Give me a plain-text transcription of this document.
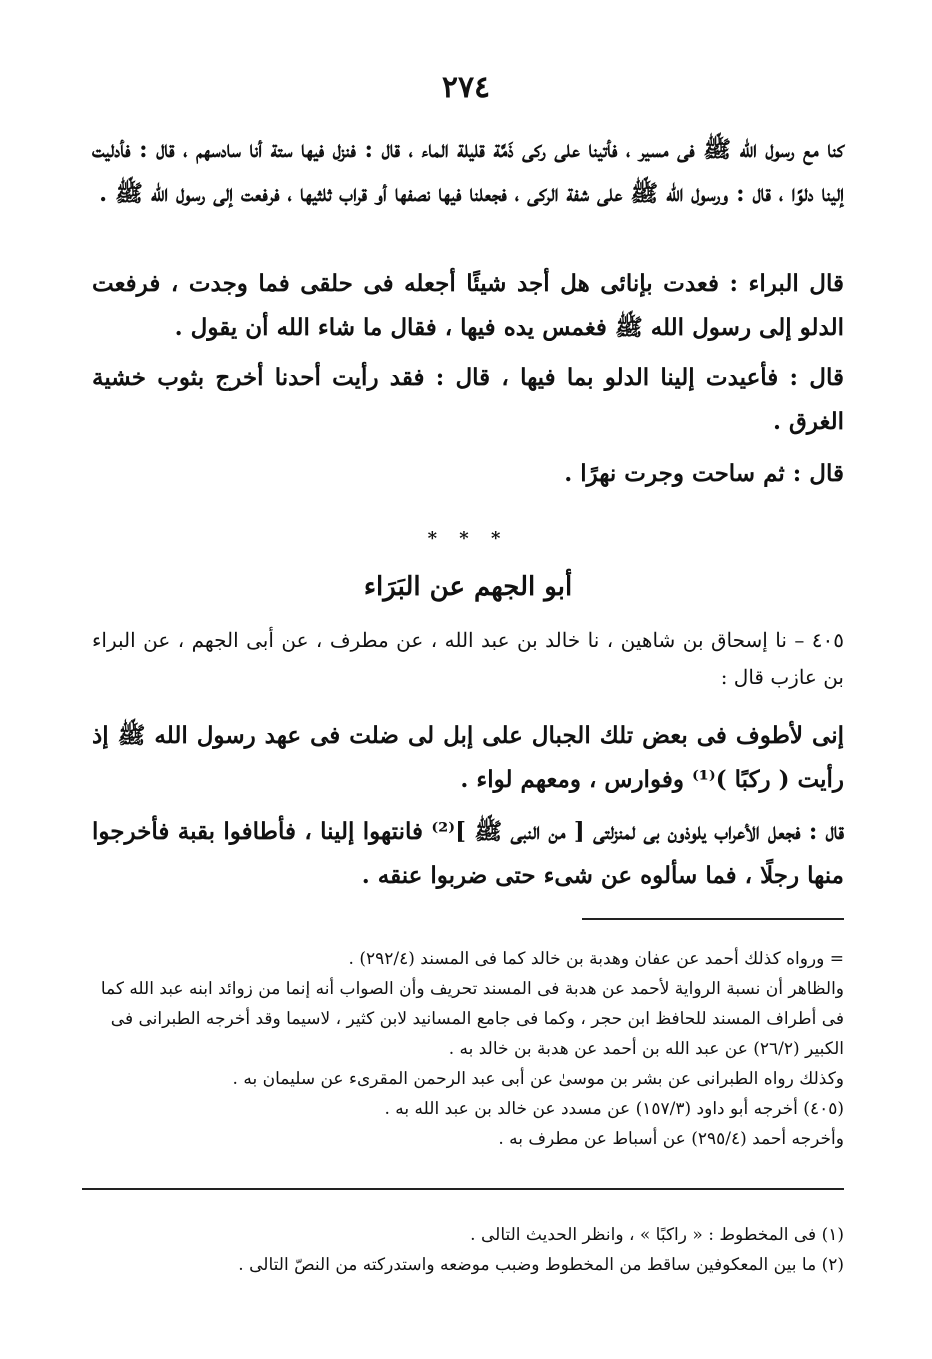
٢٧٤

كنا مع رسول الله ﷺ فى مسير ، فأتينا على ركى ذَمَّة قليلة الماء ، قال : فنزل فيها ستة أنا سادسهم ، قال : فأدليت إلينا دلوًا ، قال : ورسول الله ﷺ على شفة الركى ، فجعلنا فيها نصفها أو قراب ثلثيها ، فرفعت إلى رسول الله ﷺ .

قال البراء : فعدت بإنائى هل أجد شيئًا أجعله فى حلقى فما وجدت ، فرفعت الدلو إلى رسول الله ﷺ فغمس يده فيها ، فقال ما شاء الله أن يقول .

قال : فأعيدت إلينا الدلو بما فيها ، قال : فقد رأيت أحدنا أخرج بثوب خشية الغرق .

قال : ثم ساحت وجرت نهرًا .

* * *

أبو الجهم عن البَرَاء

٤٠٥ – نا إسحاق بن شاهين ، نا خالد بن عبد الله ، عن مطرف ، عن أبى الجهم ، عن البراء بن عازب قال :

إنى لأطوف فى بعض تلك الجبال على إبل لى ضلت فى عهد رسول الله ﷺ إذ رأيت ( ركبًا )⁽¹⁾ وفوارس ، ومعهم لواء .

قال : فجعل الأعراب يلوذون بى لمنزلتى [ من النبى ﷺ ]⁽²⁾ فانتهوا إلينا ، فأطافوا بقبة فأخرجوا منها رجلًا ، فما سألوه عن شىء حتى ضربوا عنقه .

= ورواه كذلك أحمد عن عفان وهدبة بن خالد كما فى المسند (٢٩٢/٤) .

والظاهر أن نسبة الرواية لأحمد عن هدبة فى المسند تحريف وأن الصواب أنه إنما من زوائد ابنه عبد الله كما فى أطراف المسند للحافظ ابن حجر ، وكما فى جامع المسانيد لابن كثير ، لاسيما وقد أخرجه الطبرانى فى الكبير (٢٦/٢) عن عبد الله بن أحمد عن هدبة بن خالد به .

وكذلك رواه الطبرانى عن بشر بن موسىٰ عن أبى عبد الرحمن المقرىء عن سليمان به .

(٤٠٥) أخرجه أبو داود (١٥٧/٣) عن مسدد عن خالد بن عبد الله به .

وأخرجه أحمد (٢٩٥/٤) عن أسباط عن مطرف به .

(١) فى المخطوط : « راكبًا » ، وانظر الحديث التالى .

(٢) ما بين المعكوفين ساقط من المخطوط وضبب موضعه واستدركته من النصّ التالى .
